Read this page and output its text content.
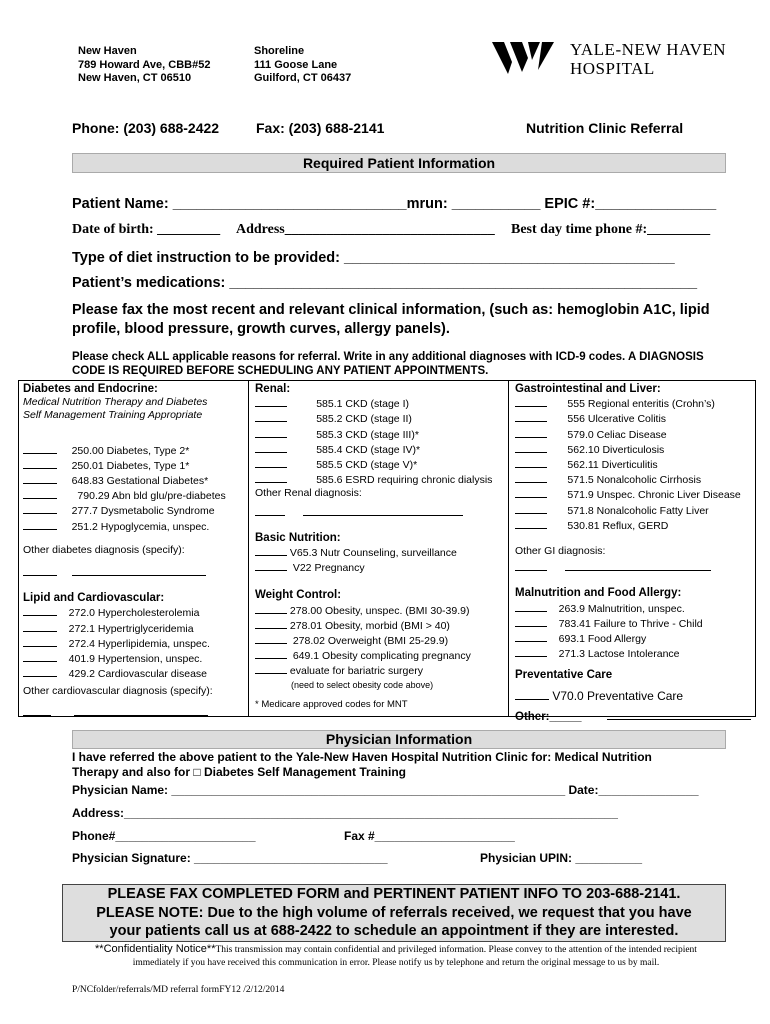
New Haven
789 Howard Ave, CBB#52
New Haven, CT 06510
Shoreline
111 Goose Lane
Guilford, CT 06437
YALE-NEW HAVEN
HOSPITAL
Phone: (203) 688-2422	Fax: (203) 688-2141	Nutrition Clinic Referral
Required Patient Information
Patient Name: _____________________________mrun: ___________ EPIC #:_______________
Date of birth: _________ Address______________________________ Best day time phone #:_________
Type of diet instruction to be provided: _________________________________________
Patient’s medications: __________________________________________________________
Please fax the most recent and relevant clinical information, (such as: hemoglobin A1C, lipid profile, blood pressure, growth curves, allergy panels).
Please check ALL applicable reasons for referral. Write in any additional diagnoses with ICD-9 codes. A DIAGNOSIS CODE IS REQUIRED BEFORE SCHEDULING ANY PATIENT APPOINTMENTS.
Diabetes and Endocrine:
Medical Nutrition Therapy and Diabetes
Self Management Training Appropriate
250.00 Diabetes, Type 2*
250.01 Diabetes, Type 1*
648.83 Gestational Diabetes*
790.29 Abn bld glu/pre-diabetes
277.7 Dysmetabolic Syndrome
251.2 Hypoglycemia, unspec.
Other diabetes diagnosis (specify):

Lipid and Cardiovascular:
272.0 Hypercholesterolemia
272.1 Hypertriglyceridemia
272.4 Hyperlipidemia, unspec.
401.9 Hypertension, unspec.
429.2 Cardiovascular disease
Other cardiovascular diagnosis (specify):

Renal:
585.1 CKD (stage I)
585.2 CKD (stage II)
585.3 CKD (stage III)*
585.4 CKD (stage IV)*
585.5 CKD (stage V)*
585.6 ESRD requiring chronic dialysis
Other Renal diagnosis:

Basic Nutrition:
V65.3 Nutr Counseling, surveillance
V22 Pregnancy
Weight Control:
278.00 Obesity, unspec. (BMI 30-39.9)
278.01 Obesity, morbid (BMI > 40)
278.02 Overweight (BMI 25-29.9)
649.1 Obesity complicating pregnancy
evaluate for bariatric surgery
(need to select obesity code above)
* Medicare approved codes for MNT
Gastrointestinal and Liver:
555 Regional enteritis (Crohn’s)
556 Ulcerative Colitis
579.0 Celiac Disease
562.10 Diverticulosis
562.11 Diverticulitis
571.5 Nonalcoholic Cirrhosis
571.9 Unspec. Chronic Liver Disease
571.8 Nonalcoholic Fatty Liver
530.81 Reflux, GERD
Other GI diagnosis:

Malnutrition and Food Allergy:
263.9 Malnutrition, unspec.
783.41 Failure to Thrive - Child
693.1 Food Allergy
271.3 Lactose Intolerance
Preventative Care
V70.0 Preventative Care
Other:_____
Physician Information
I have referred the above patient to the Yale-New Haven Hospital Nutrition Clinic for: Medical Nutrition
Therapy and also for □ Diabetes Self Management Training
Physician Name: ___________________________________________________________ Date:_______________
Address:__________________________________________________________________________
Phone#_____________________	Fax #_____________________
Physician Signature: _____________________________	Physician UPIN: __________
PLEASE FAX COMPLETED FORM and PERTINENT PATIENT INFO TO 203-688-2141.
PLEASE NOTE: Due to the high volume of referrals received, we request that you have
your patients call us at 688-2422 to schedule an appointment if they are interested.
**Confidentiality Notice**This transmission may contain confidential and privileged information. Please convey to the attention of the intended recipient
immediately if you have received this communication in error. Please notify us by telephone and return the original message to us by mail.
P/NCfolder/referrals/MD referral formFY12 /2/12/2014
